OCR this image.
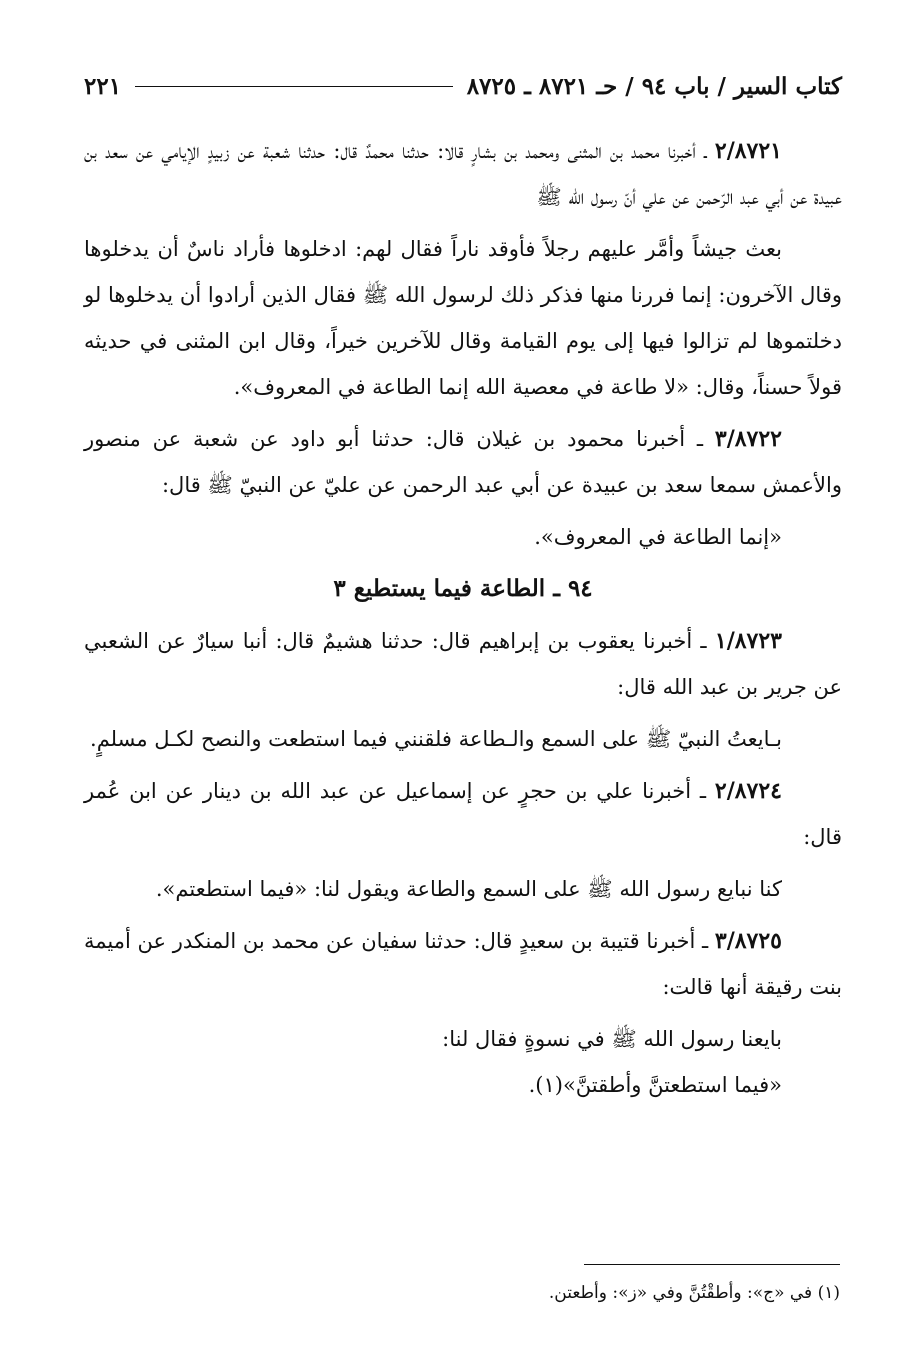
كتاب السير / باب ٩٤ / حـ ٨٧٢١ ـ ٨٧٢٥
٢٢١

٢/٨٧٢١ ـ أخبرنا محمد بن المثنى ومحمد بن بشارٍ قالا: حدثنا محمدٌ قال: حدثنا شعبة عن زبيدٍ الإيامي عن سعد بن عبيدة عن أبي عبد الرّحمن عن علي أنّ رسول الله ﷺ

بعث جيشاً وأمَّر عليهم رجلاً فأوقد ناراً فقال لهم: ادخلوها فأراد ناسٌ أن يدخلوها وقال الآخرون: إنما فررنا منها فذكر ذلك لرسول الله ﷺ فقال الذين أرادوا أن يدخلوها لو دخلتموها لم تزالوا فيها إلى يوم القيامة وقال للآخرين خيراً، وقال ابن المثنى في حديثه قولاً حسناً، وقال: «لا طاعة في معصية الله إنما الطاعة في المعروف».

٣/٨٧٢٢ ـ أخبرنا محمود بن غيلان قال: حدثنا أبو داود عن شعبة عن منصور والأعمش سمعا سعد بن عبيدة عن أبي عبد الرحمن عن عليّ عن النبيّ ﷺ قال:

«إنما الطاعة في المعروف».

٩٤ ـ الطاعة فيما يستطيع ٣

١/٨٧٢٣ ـ أخبرنا يعقوب بن إبراهيم قال: حدثنا هشيمٌ قال: أنبا سيارٌ عن الشعبي عن جرير بن عبد الله قال:

بـايعتُ النبيّ ﷺ على السمع والـطاعة فلقنني فيما استطعت والنصح لكـل مسلمٍ.

٢/٨٧٢٤ ـ أخبرنا علي بن حجرٍ عن إسماعيل عن عبد الله بن دينار عن ابن عُمر قال:

كنا نبايع رسول الله ﷺ على السمع والطاعة ويقول لنا: «فيما استطعتم».

٣/٨٧٢٥ ـ أخبرنا قتيبة بن سعيدٍ قال: حدثنا سفيان عن محمد بن المنكدر عن أميمة بنت رقيقة أنها قالت:

بايعنا رسول الله ﷺ في نسوةٍ فقال لنا:

«فيما استطعتنَّ وأطقتنَّ»(١).

(١) في «ج»: وأطقْتُنَّ وفي «ز»: وأطعتن.
